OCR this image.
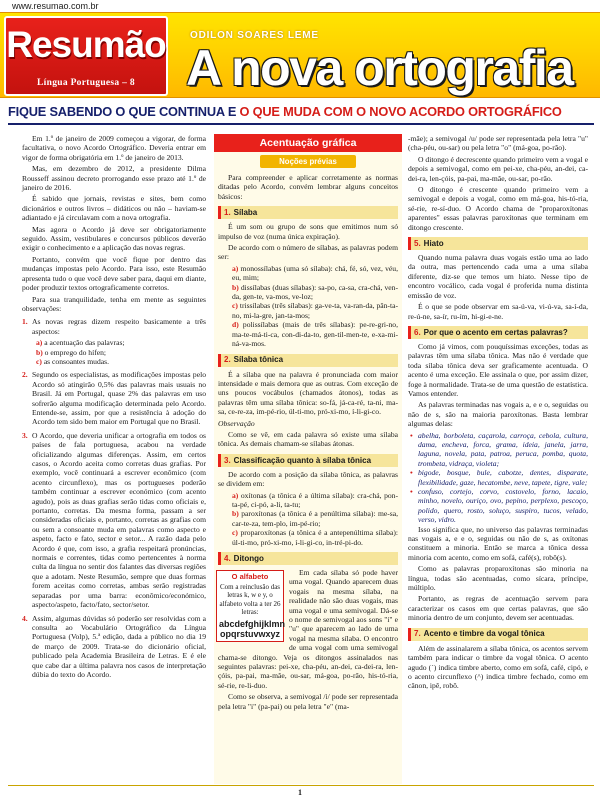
www.resumao.com.br
Resumão
Língua Portuguesa – 8
ODILON SOARES LEME
A nova ortografia
FIQUE SABENDO O QUE CONTINUA E O QUE MUDA COM O NOVO ACORDO ORTOGRÁFICO

Em 1.º de janeiro de 2009 começou a vigorar, de forma facultativa, o novo Acordo Ortográfico. Deveria entrar em vigor de forma obrigatória em 1.º de janeiro de 2013.

Mas, em dezembro de 2012, a presidente Dilma Rousseff assinou decreto prorrogando esse prazo até 1.º de janeiro de 2016.

É sabido que jornais, revistas e sites, bem como dicionários e outros livros – didáticos ou não – haviam-se adiantado e já circulavam com a nova ortografia.

Mas agora o Acordo já deve ser obrigatoriamente seguido. Assim, vestibulares e concursos públicos deverão exigir o conhecimento e a aplicação das novas regras.

Portanto, convém que você fique por dentro das mudanças impostas pelo Acordo. Para isso, este Resumão apresenta tudo o que você deve saber para, daqui em diante, poder produzir textos ortograficamente corretos.

Para sua tranquilidade, tenha em mente as seguintes observações:

1. As novas regras dizem respeito basicamente a três aspectos:
a) a acentuação das palavras;
b) o emprego do hífen;
c) as consoantes mudas.
2. Segundo os especialistas, as modificações impostas pelo Acordo só atingirão 0,5% das palavras mais usuais no Brasil. Já em Portugal, quase 2% das palavras em uso sofrerão alguma modificação determinada pelo Acordo. Entende-se, assim, por que a resistência à adoção do Acordo tem sido bem maior em Portugal que no Brasil.
3. O Acordo, que deveria unificar a ortografia em todos os países de fala portuguesa, acabou na verdade oficializando algumas diferenças. Assim, em certos casos, o Acordo aceita como corretas duas grafias. Por exemplo, você continuará a escrever econômico (com acento circunflexo), mas os portugueses poderão também continuar a escrever económico (com acento agudo), pois as duas grafias serão tidas como oficiais e, portanto, corretas. Da mesma forma, passam a ser consideradas oficiais e, portanto, corretas as grafias com ou sem a consoante muda em palavras como aspecto e aspeto, facto e fato, sector e setor... A razão dada pelo Acordo é que, com isso, a grafia respeitará pronúncias, normais e correntes, tidas como pertencentes à norma culta da língua no sentir dos falantes das diversas regiões que a adotam. Neste Resumão, sempre que duas formas forem aceitas como corretas, ambas serão registradas separadas por uma barra: econômico/económico, aspecto/aspeto, facto/fato, sector/setor.
4. Assim, algumas dúvidas só poderão ser resolvidas com a consulta ao Vocabulário Ortográfico da Língua Portuguesa (Volp), 5.ª edição, dada a público no dia 19 de março de 2009. Trata-se do dicionário oficial, publicado pela Academia Brasileira de Letras. E é ele que cabe dar a última palavra nos casos de interpretação dúbia do texto do Acordo.
Acentuação gráfica
Noções prévias

Para compreender e aplicar corretamente as normas ditadas pelo Acordo, convém lembrar alguns conceitos básicos:

1. Sílaba

É um som ou grupo de sons que emitimos num só impulso de voz (numa única expiração).

De acordo com o número de sílabas, as palavras podem ser:

a) monossílabas (uma só sílaba): chá, fé, só, vez, véu, eu, mim;
b) dissílabas (duas sílabas): sa-po, ca-sa, cra-chá, ven-da, gen-te, va-mos, ve-loz;
c) trissílabas (três sílabas): ga-ve-ta, va-ran-da, pân-ta-no, mi-la-gre, jan-ta-mos;
d) polissílabas (mais de três sílabas): pe-re-gri-no, ma-te-má-ti-ca, con-di-da-to, gen-til-men-te, e-xa-mi-ná-va-mos.
2. Sílaba tônica

É a sílaba que na palavra é pronunciada com maior intensidade e mais demora que as outras. Com exceção de uns poucos vocábulos (chamados átonos), todas as palavras têm uma sílaba tônica: so-fá, já-ca-ré, ta-ni, ma-sa, ce-re-za, im-pé-rio, úl-ti-mo, pró-xi-mo, í-li-gi-co.

Observação

Como se vê, em cada palavra só existe uma sílaba tônica. As demais chamam-se sílabas átonas.

3. Classificação quanto à sílaba tônica

De acordo com a posição da sílaba tônica, as palavras se dividem em:

a) oxítonas (a tônica é a última sílaba): cra-chá, pon-ta-pé, ci-pó, a-li, ta-tu;
b) paroxítonas (a tônica é a penúltima sílaba): me-sa, car-te-za, tem-plo, im-pé-rio;
c) proparoxítonas (a tônica é a antepenúltima sílaba): úl-ti-mo, pró-xi-mo, í-li-gi-co, in-tré-pi-do.
4. Ditongo
O alfabeto
Com a reinclusão das letras k, w e y, o alfabeto volta a ter 26 letras:
abcdefghijklmn opqrstuvwxyz

Em cada sílaba só pode haver uma vogal. Quando aparecem duas vogais na mesma sílaba, na realidade não são duas vogais, mas uma vogal e uma semivogal. Dá-se o nome de semivogal aos sons "i" e "u" que aparecem ao lado de uma vogal na mesma sílaba. O encontro de uma vogal com uma semivogal chama-se ditongo. Veja os ditongos assinalados nas seguintes palavras: pei-xe, cha-péu, an-dei, ca-dei-ra, len-çóis, pa-pai, ma-mãe, ou-sar, má-goa, po-rão, his-tó-ria, sé-rie, re-li-duo.

Como se observa, a semivogal /i/ pode ser representada pela letra "i" (pa-pai) ou pela letra "e" (ma-

-mãe); a semivogal /u/ pode ser representada pela letra "u" (cha-péu, ou-sar) ou pela letra "o" (má-goa, po-rão).

O ditongo é decrescente quando primeiro vem a vogal e depois a semivogal, como em pei-xe, cha-péu, an-dei, ca-dei-ra, len-çóis, pa-pai, ma-mãe, ou-sar, po-rão.

O ditongo é crescente quando primeiro vem a semivogal e depois a vogal, como em má-goa, his-tó-ria, sé-rie, re-sí-duo. O Acordo chama de "proparoxítonas aparentes" essas palavras paroxítonas que terminam em ditongo crescente.

5. Hiato

Quando numa palavra duas vogais estão uma ao lado da outra, mas pertencendo cada uma a uma sílaba diferente, diz-se que temos um hiato. Nesse tipo de encontro vocálico, cada vogal é proferida numa distinta emissão de voz.

É o que se pode observar em sa-ú-va, vi-ú-va, sa-í-da, re-ú-ne, sa-ír, ru-ím, hi-gi-e-ne.

6. Por que o acento em certas palavras?

Como já vimos, com pouquíssimas exceções, todas as palavras têm uma sílaba tônica. Mas não é verdade que toda sílaba tônica deva ser graficamente acentuada. O acento é uma exceção. Ele assinala o que, por assim dizer, foge à normalidade. Trata-se de uma questão de estatística. Vamos entender.

As palavras terminadas nas vogais a, e e o, seguidas ou não de s, são na maioria paroxítonas. Basta lembrar algumas delas:

• abelha, borboleta, caçarola, carroça, cebola, cultura, dama, encheva, forca, grama, ideia, janela, jarra, laguna, novela, pata, patroa, peruca, pomba, quota, trombeta, vidraça, violeta;
• bigode, bosque, bule, cabotze, dentes, disparate, flexibilidade, gaze, hecatombe, neve, tapete, tigre, vale;
• confuso, cortejo, corvo, costovelo, forno, lacaio, minho, novelo, ouriço, ovo, pepino, perplexo, pescoço, polido, quero, rosto, soluço, suspiro, tucos, velado, verso, vidro.

Isso significa que, no universo das palavras terminadas nas vogais a, e e o, seguidas ou não de s, as oxítonas constituem a minoria. Então se marca a tônica dessa minoria com acento, como em sofá, café(s), robô(s).

Como as palavras proparoxítonas são minoria na língua, todas são acentuadas, como sícara, príncipe, múltiplo.

Portanto, as regras de acentuação servem para caracterizar os casos em que certas palavras, que são minoria dentro de um conjunto, devem ser acentuadas.

7. Acento e timbre da vogal tônica

Além de assinalarem a sílaba tônica, os acentos servem também para indicar o timbre da vogal tônica. O acento agudo (´) indica timbre aberto, como em sofá, café, cipó, e o acento circunflexo (^) indica timbre fechado, como em cânon, ipê, robô.

1
